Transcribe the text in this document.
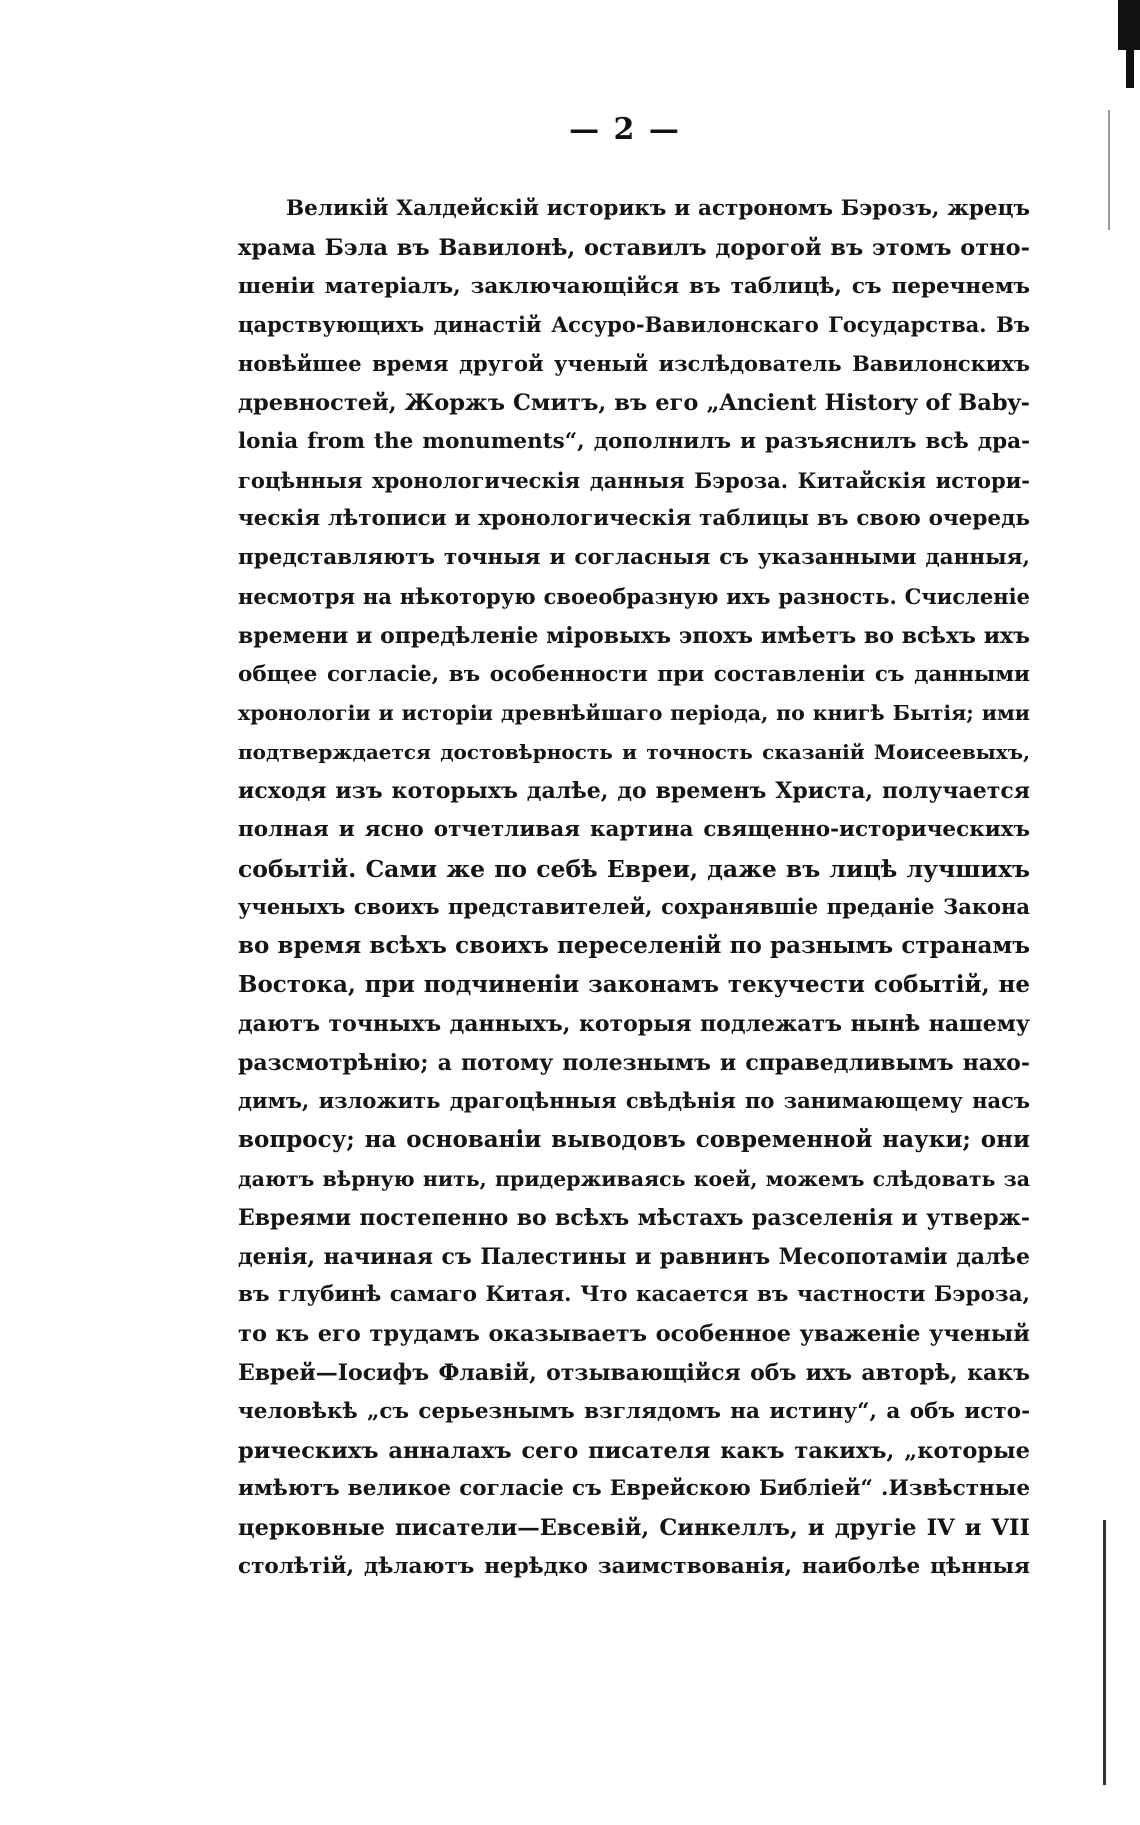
— 2 —
Великій Халдейскій историкъ и астрономъ Бэрозъ, жрецъ
храма Бэла въ Вавилонѣ, оставилъ дорогой въ этомъ отно-
шеніи матеріалъ, заключающійся въ таблицѣ, съ перечнемъ
царствующихъ династій Ассуро-Вавилонскаго Государства. Въ
новѣйшее время другой ученый изслѣдователь Вавилонскихъ
древностей, Жоржъ Смитъ, въ его „Ancient History of Baby-
lonia from the monuments“, дополнилъ и разъяснилъ всѣ дра-
гоцѣнныя хронологическія данныя Бэроза. Китайскія истори-
ческія лѣтописи и хронологическія таблицы въ свою очередь
представляютъ точныя и согласныя съ указанными данныя,
несмотря на нѣкоторую своеобразную ихъ разность. Счисленіе
времени и опредѣленіе міровыхъ эпохъ имѣетъ во всѣхъ ихъ
общее согласіе, въ особенности при составленіи съ данными
хронологіи и исторіи древнѣйшаго періода, по книгѣ Бытія; ими
подтверждается достовѣрность и точность сказаній Моисеевыхъ,
исходя изъ которыхъ далѣе, до временъ Христа, получается
полная и ясно отчетливая картина священно-историческихъ
событій. Сами же по себѣ Евреи, даже въ лицѣ лучшихъ
ученыхъ своихъ представителей, сохранявшіе преданіе Закона
во время всѣхъ своихъ переселеній по разнымъ странамъ
Востока, при подчиненіи законамъ текучести событій, не
даютъ точныхъ данныхъ, которыя подлежатъ нынѣ нашему
разсмотрѣнію; а потому полезнымъ и справедливымъ нахо-
димъ, изложить драгоцѣнныя свѣдѣнія по занимающему насъ
вопросу; на основаніи выводовъ современной науки; они
даютъ вѣрную нить, придерживаясь коей, можемъ слѣдовать за
Евреями постепенно во всѣхъ мѣстахъ разселенія и утверж-
денія, начиная съ Палестины и равнинъ Месопотаміи далѣе
въ глубинѣ самаго Китая. Что касается въ частности Бэроза,
то къ его трудамъ оказываетъ особенное уваженіе ученый
Еврей—Іосифъ Флавій, отзывающійся объ ихъ авторѣ, какъ
человѣкѣ „съ серьезнымъ взглядомъ на истину“, а объ исто-
рическихъ анналахъ сего писателя какъ такихъ, „которые
имѣютъ великое согласіе съ Еврейскою Библіей“ .Извѣстные
церковные писатели—Евсевій, Синкеллъ, и другіе IV и VII
столѣтій, дѣлаютъ нерѣдко заимствованія, наиболѣе цѣнныя
